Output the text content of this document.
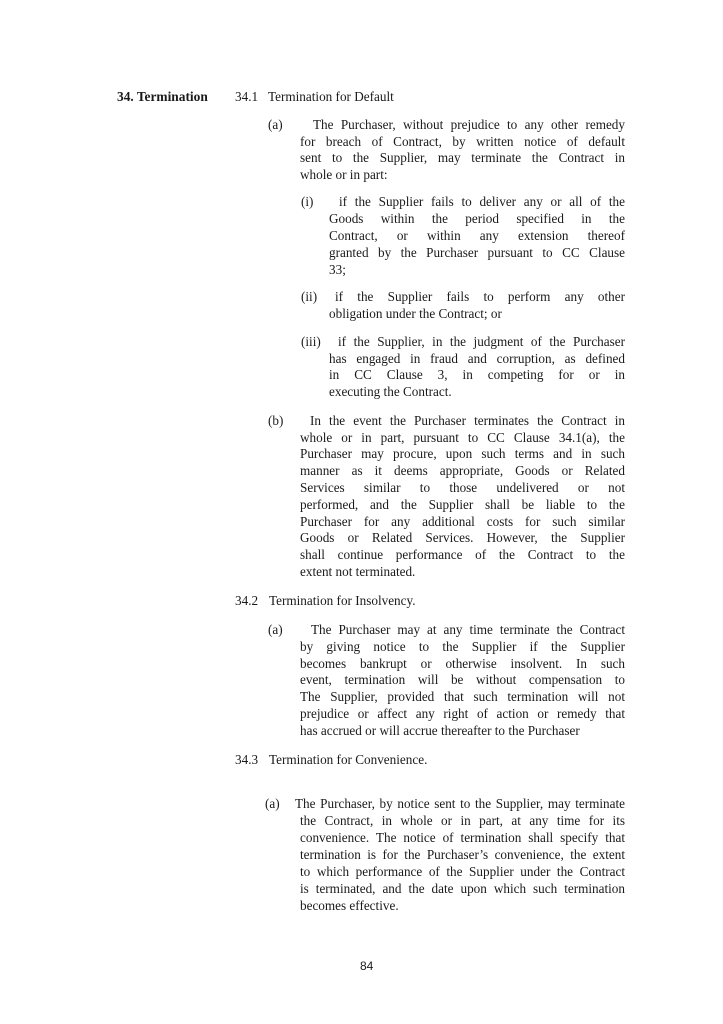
34. Termination 34.1 Termination for Default
(a) The Purchaser, without prejudice to any other remedy
for breach of Contract, by written notice of default
sent to the Supplier, may terminate the Contract in
whole or in part:
(i) if the Supplier fails to deliver any or all of the
Goods within the period specified in the
Contract, or within any extension thereof
granted by the Purchaser pursuant to CC Clause
33;
(ii) if the Supplier fails to perform any other
obligation under the Contract; or
(iii) if the Supplier, in the judgment of the Purchaser
has engaged in fraud and corruption, as defined
in CC Clause 3, in competing for or in
executing the Contract.
(b) In the event the Purchaser terminates the Contract in
whole or in part, pursuant to CC Clause 34.1(a), the
Purchaser may procure, upon such terms and in such
manner as it deems appropriate, Goods or Related
Services similar to those undelivered or not
performed, and the Supplier shall be liable to the
Purchaser for any additional costs for such similar
Goods or Related Services. However, the Supplier
shall continue performance of the Contract to the
extent not terminated.
34.2 Termination for Insolvency.
(a) The Purchaser may at any time terminate the Contract
by giving notice to the Supplier if the Supplier
becomes bankrupt or otherwise insolvent. In such
event, termination will be without compensation to
The Supplier, provided that such termination will not
prejudice or affect any right of action or remedy that
has accrued or will accrue thereafter to the Purchaser
34.3 Termination for Convenience.
(a) The Purchaser, by notice sent to the Supplier, may terminate
the Contract, in whole or in part, at any time for its
convenience. The notice of termination shall specify that
termination is for the Purchaser’s convenience, the extent
to which performance of the Supplier under the Contract
is terminated, and the date upon which such termination
becomes effective.
84
